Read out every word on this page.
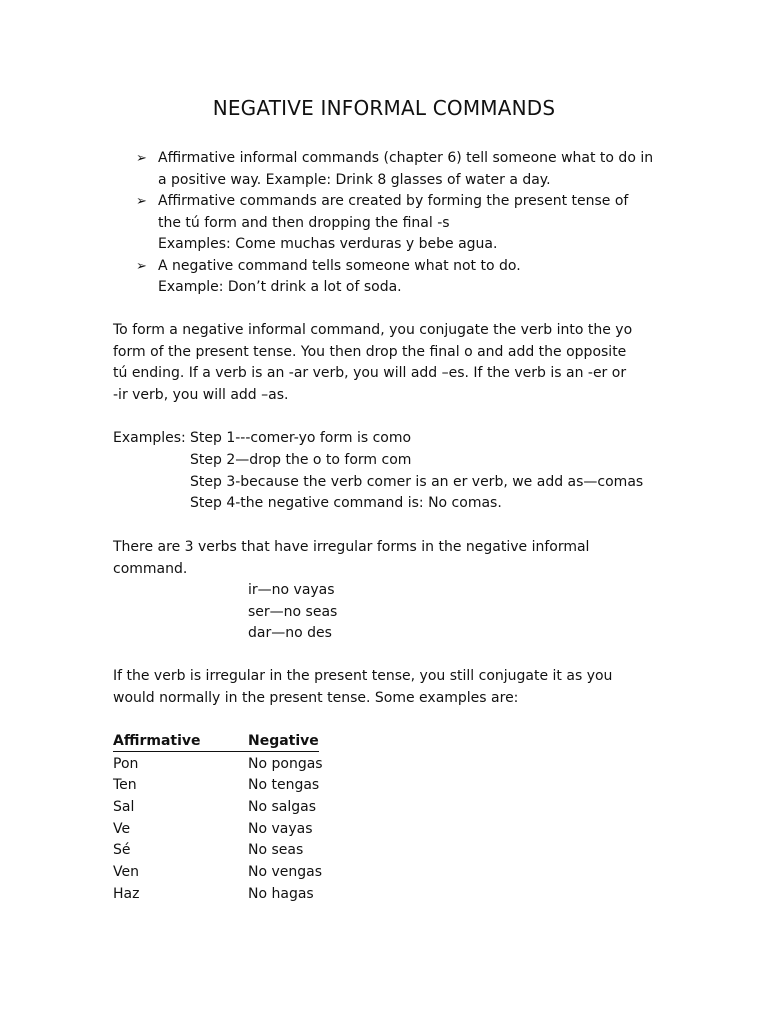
NEGATIVE INFORMAL COMMANDS
➢ Affirmative informal commands (chapter 6) tell someone what to do in
a positive way. Example: Drink 8 glasses of water a day.
➢ Affirmative commands are created by forming the present tense of
the tú form and then dropping the final -s
Examples: Come muchas verduras y bebe agua.
➢ A negative command tells someone what not to do.
Example: Don’t drink a lot of soda.
To form a negative informal command, you conjugate the verb into the yo
form of the present tense. You then drop the final o and add the opposite
tú ending. If a verb is an -ar verb, you will add –es. If the verb is an -er or
-ir verb, you will add –as.
Examples: Step 1---comer-yo form is como
Step 2—drop the o to form com
Step 3-because the verb comer is an er verb, we add as—comas
Step 4-the negative command is: No comas.
There are 3 verbs that have irregular forms in the negative informal
command.
ir—no vayas
ser—no seas
dar—no des
If the verb is irregular in the present tense, you still conjugate it as you
would normally in the present tense. Some examples are:
Affirmative	Negative
Pon	No pongas
Ten	No tengas
Sal	No salgas
Ve	No vayas
Sé	No seas
Ven	No vengas
Haz	No hagas
